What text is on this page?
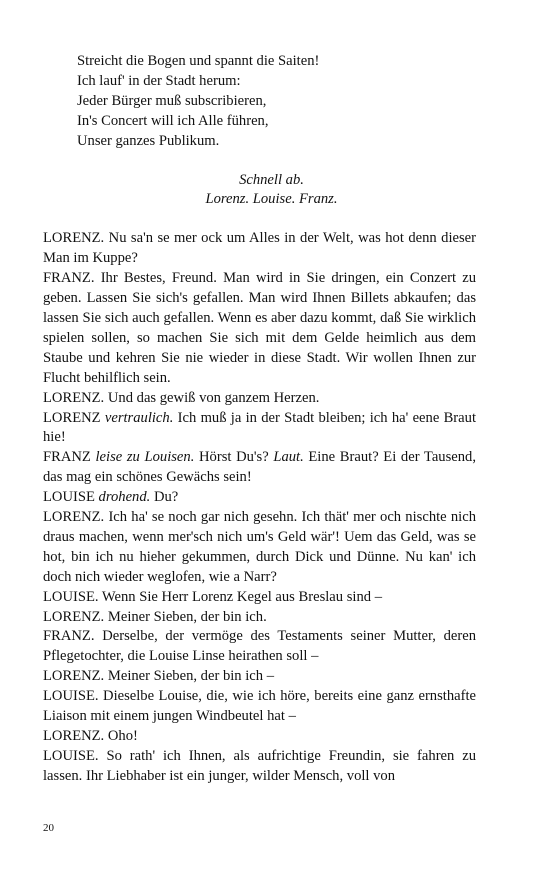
Streicht die Bogen und spannt die Saiten!
Ich lauf' in der Stadt herum:
Jeder Bürger muß subscribieren,
In's Concert will ich Alle führen,
Unser ganzes Publikum.
Schnell ab.
Lorenz. Louise. Franz.

LORENZ. Nu sa'n se mer ock um Alles in der Welt, was hot denn dieser Man im Kuppe?

FRANZ. Ihr Bestes, Freund. Man wird in Sie dringen, ein Conzert zu geben. Lassen Sie sich's gefallen. Man wird Ihnen Billets abkaufen; das lassen Sie sich auch gefallen. Wenn es aber dazu kommt, daß Sie wirklich spielen sollen, so machen Sie sich mit dem Gelde heimlich aus dem Staube und kehren Sie nie wieder in diese Stadt. Wir wollen Ihnen zur Flucht behilflich sein.

LORENZ. Und das gewiß von ganzem Herzen.

LORENZ vertraulich. Ich muß ja in der Stadt bleiben; ich ha' eene Braut hie!

FRANZ leise zu Louisen. Hörst Du's? Laut. Eine Braut? Ei der Tausend, das mag ein schönes Gewächs sein!

LOUISE drohend. Du?

LORENZ. Ich ha' se noch gar nich gesehn. Ich thät' mer och nischte nich draus machen, wenn mer'sch nich um's Geld wär'! Uem das Geld, was se hot, bin ich nu hieher gekummen, durch Dick und Dünne. Nu kan' ich doch nich wieder weglofen, wie a Narr?

LOUISE. Wenn Sie Herr Lorenz Kegel aus Breslau sind –

LORENZ. Meiner Sieben, der bin ich.

FRANZ. Derselbe, der vermöge des Testaments seiner Mutter, deren Pflegetochter, die Louise Linse heirathen soll –

LORENZ. Meiner Sieben, der bin ich –

LOUISE. Dieselbe Louise, die, wie ich höre, bereits eine ganz ernsthafte Liaison mit einem jungen Windbeutel hat –

LORENZ. Oho!

LOUISE. So rath' ich Ihnen, als aufrichtige Freundin, sie fahren zu lassen. Ihr Liebhaber ist ein junger, wilder Mensch, voll von

20
